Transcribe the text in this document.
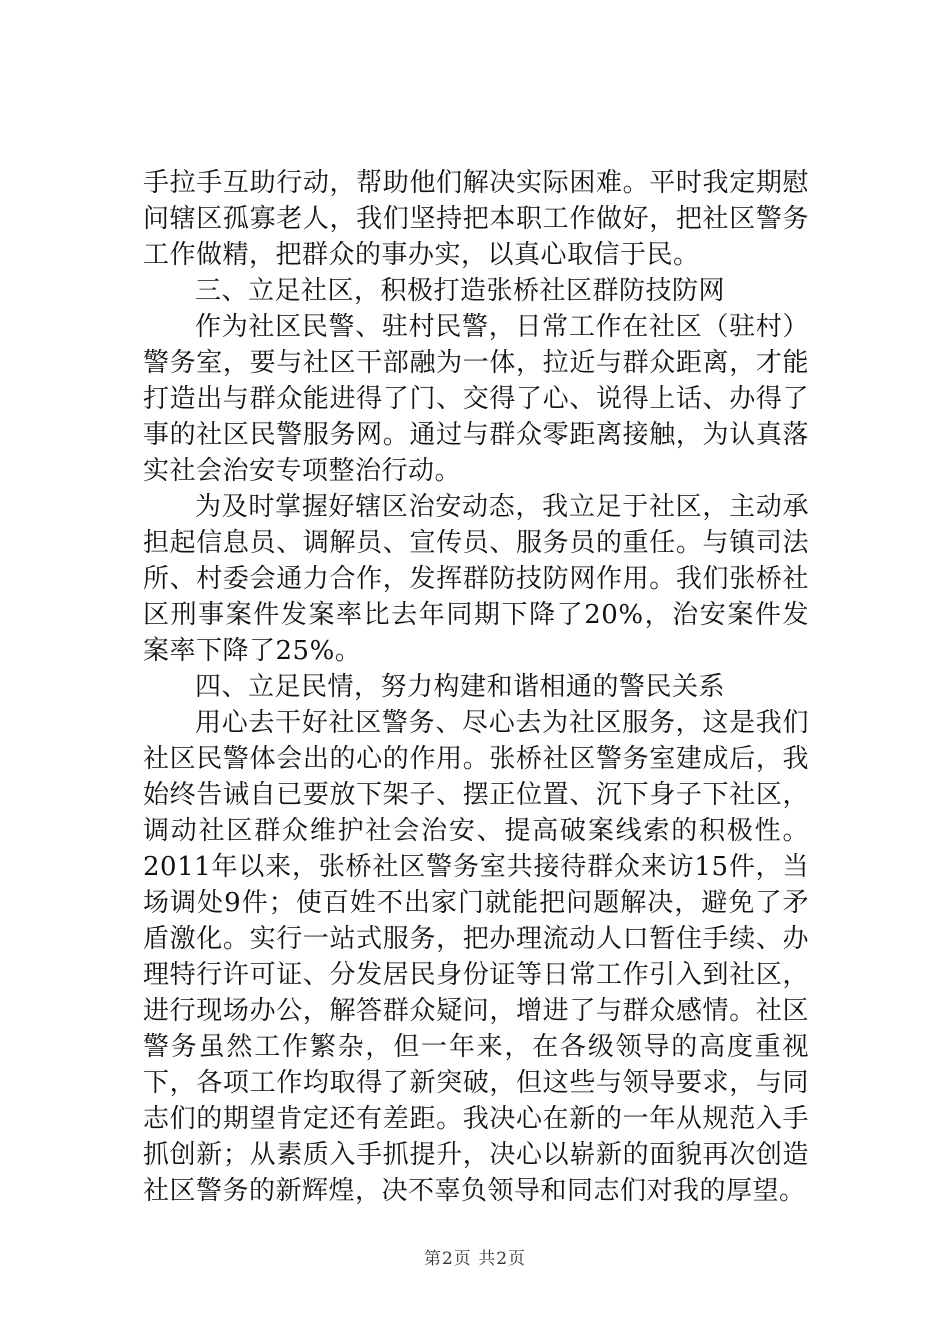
手拉手互助行动，帮助他们解决实际困难。平时我定期慰问辖区孤寡老人，我们坚持把本职工作做好，把社区警务工作做精，把群众的事办实，以真心取信于民。

三、立足社区，积极打造张桥社区群防技防网

作为社区民警、驻村民警，日常工作在社区（驻村）警务室，要与社区干部融为一体，拉近与群众距离，才能打造出与群众能进得了门、交得了心、说得上话、办得了事的社区民警服务网。通过与群众零距离接触，为认真落实社会治安专项整治行动。

为及时掌握好辖区治安动态，我立足于社区，主动承担起信息员、调解员、宣传员、服务员的重任。与镇司法所、村委会通力合作，发挥群防技防网作用。我们张桥社区刑事案件发案率比去年同期下降了20%，治安案件发案率下降了25%。

四、立足民情，努力构建和谐相通的警民关系

用心去干好社区警务、尽心去为社区服务，这是我们社区民警体会出的心的作用。张桥社区警务室建成后，我始终告诫自已要放下架子、摆正位置、沉下身子下社区，调动社区群众维护社会治安、提高破案线索的积极性。2011年以来，张桥社区警务室共接待群众来访15件，当场调处9件；使百姓不出家门就能把问题解决，避免了矛盾激化。实行一站式服务，把办理流动人口暂住手续、办理特行许可证、分发居民身份证等日常工作引入到社区，进行现场办公，解答群众疑问，增进了与群众感情。社区警务虽然工作繁杂，但一年来，在各级领导的高度重视下，各项工作均取得了新突破，但这些与领导要求，与同志们的期望肯定还有差距。我决心在新的一年从规范入手抓创新；从素质入手抓提升，决心以崭新的面貌再次创造社区警务的新辉煌，决不辜负领导和同志们对我的厚望。

第2页 共2页
